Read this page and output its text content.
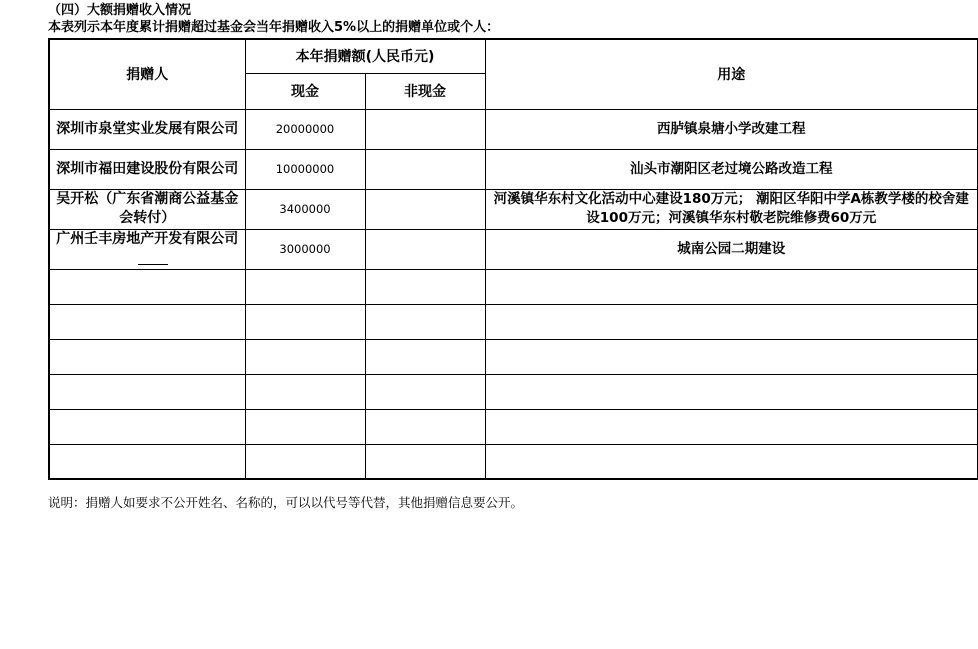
（四）大额捐赠收入情况
本表列示本年度累计捐赠超过基金会当年捐赠收入5%以上的捐赠单位或个人：
捐赠人	本年捐赠额(人民币元)		用途
	现金	非现金	
深圳市泉堂实业发展有限公司	20000000		西胪镇泉塘小学改建工程
深圳市福田建设股份有限公司	10000000		汕头市潮阳区老过境公路改造工程
吴开松（广东省潮商公益基金会转付）	3400000		河溪镇华东村文化活动中心建设180万元； 潮阳区华阳中学A栋教学楼的校舍建设100万元；河溪镇华东村敬老院维修费60万元
广州壬丰房地产开发有限公司	3000000		城南公园二期建设

说明：捐赠人如要求不公开姓名、名称的，可以以代号等代替，其他捐赠信息要公开。
